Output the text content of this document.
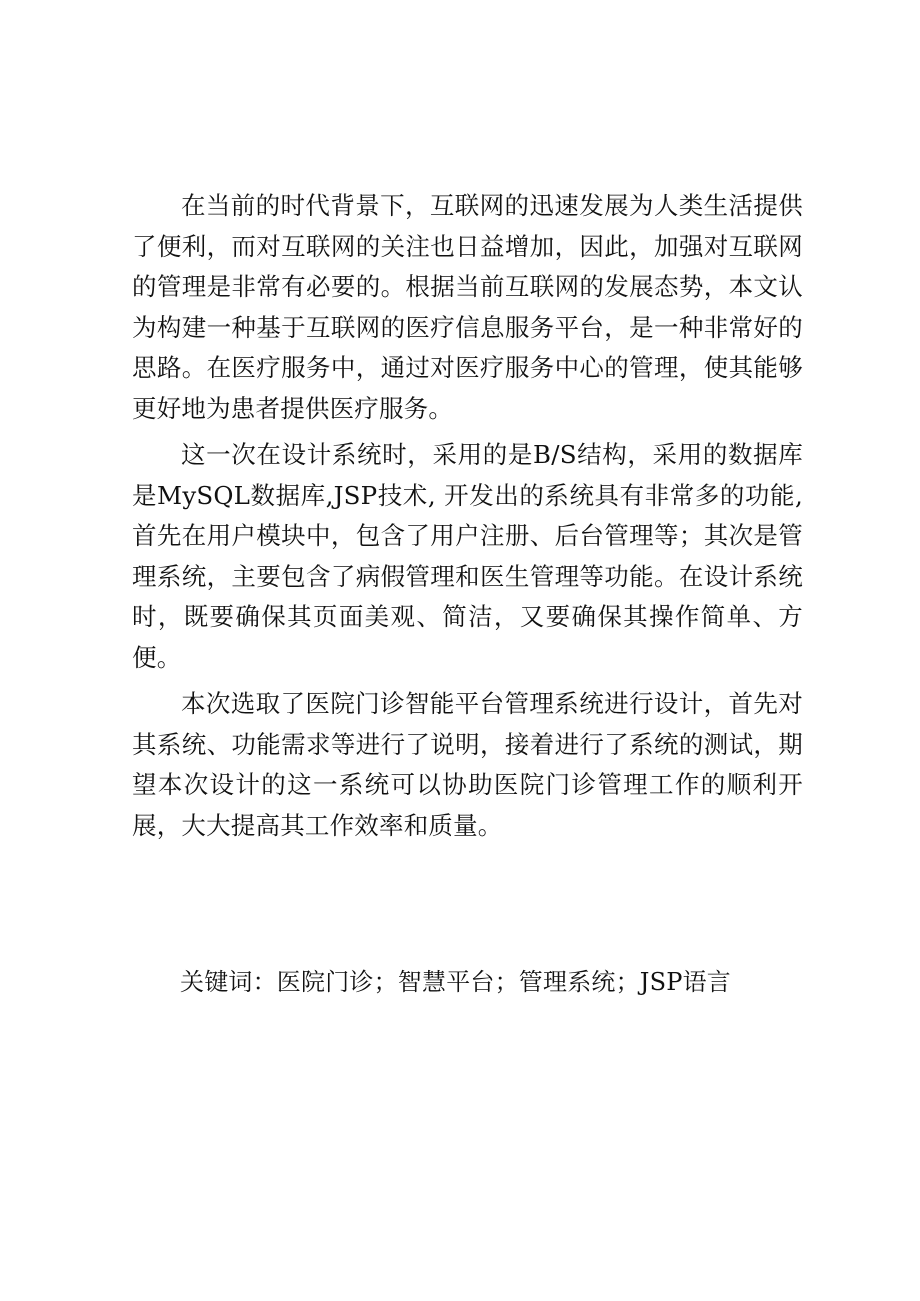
在当前的时代背景下，互联网的迅速发展为人类生活提供了便利，而对互联网的关注也日益增加，因此，加强对互联网的管理是非常有必要的。根据当前互联网的发展态势，本文认为构建一种基于互联网的医疗信息服务平台，是一种非常好的思路。在医疗服务中，通过对医疗服务中心的管理，使其能够更好地为患者提供医疗服务。

这一次在设计系统时，采用的是B/S结构，采用的数据库是MySQL数据库,JSP技术, 开发出的系统具有非常多的功能, 首先在用户模块中，包含了用户注册、后台管理等；其次是管理系统，主要包含了病假管理和医生管理等功能。在设计系统时，既要确保其页面美观、简洁，又要确保其操作简单、方便。

本次选取了医院门诊智能平台管理系统进行设计，首先对其系统、功能需求等进行了说明，接着进行了系统的测试，期望本次设计的这一系统可以协助医院门诊管理工作的顺利开展，大大提高其工作效率和质量。

关键词：医院门诊；智慧平台；管理系统；JSP语言
